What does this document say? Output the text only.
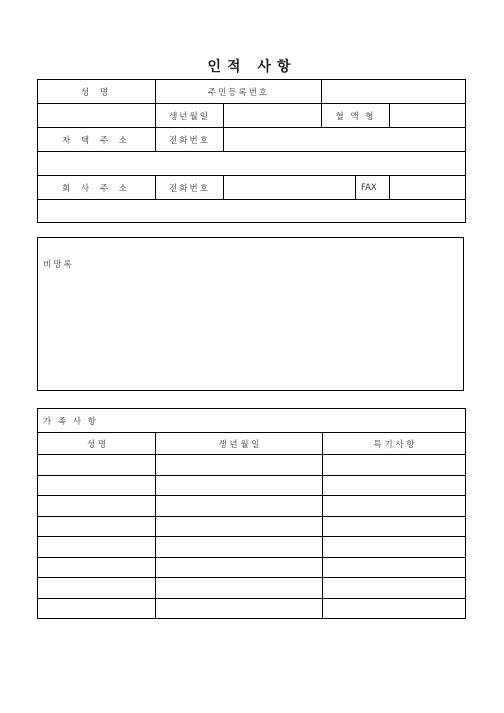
인적 사항
성 명	주민등록번호				
	생년월일		혈 액 형		
자 택 주 소	전화번호				

회 사 주 소	전화번호			FAX	

비망록
가 족 사 항		
성 명	생 년 월 일	특 기 사 항
